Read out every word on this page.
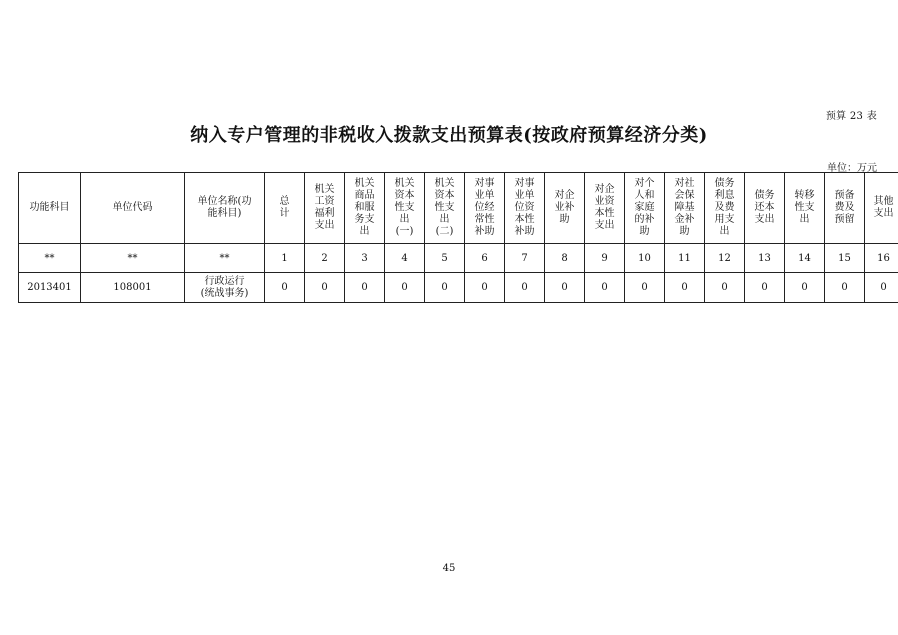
预算 23 表
纳入专户管理的非税收入拨款支出预算表(按政府预算经济分类)
单位：万元
功能科目	单位代码	单位名称(功
能科目)	总
计	机关
工资
福利
支出	机关
商品
和服
务支
出	机关
资本
性支
出
(一)	机关
资本
性支
出
(二)	对事
业单
位经
常性
补助	对事
业单
位资
本性
补助	对企
业补
助	对企
业资
本性
支出	对个
人和
家庭
的补
助	对社
会保
障基
金补
助	债务
利息
及费
用支
出	债务
还本
支出	转移
性支
出	预备
费及
预留	其他
支出
**	**	**	1	2	3	4	5	6	7	8	9	10	11	12	13	14	15	16
2013401	108001	行政运行
(统战事务)	0	0	0	0	0	0	0	0	0	0	0	0	0	0	0	0
45
